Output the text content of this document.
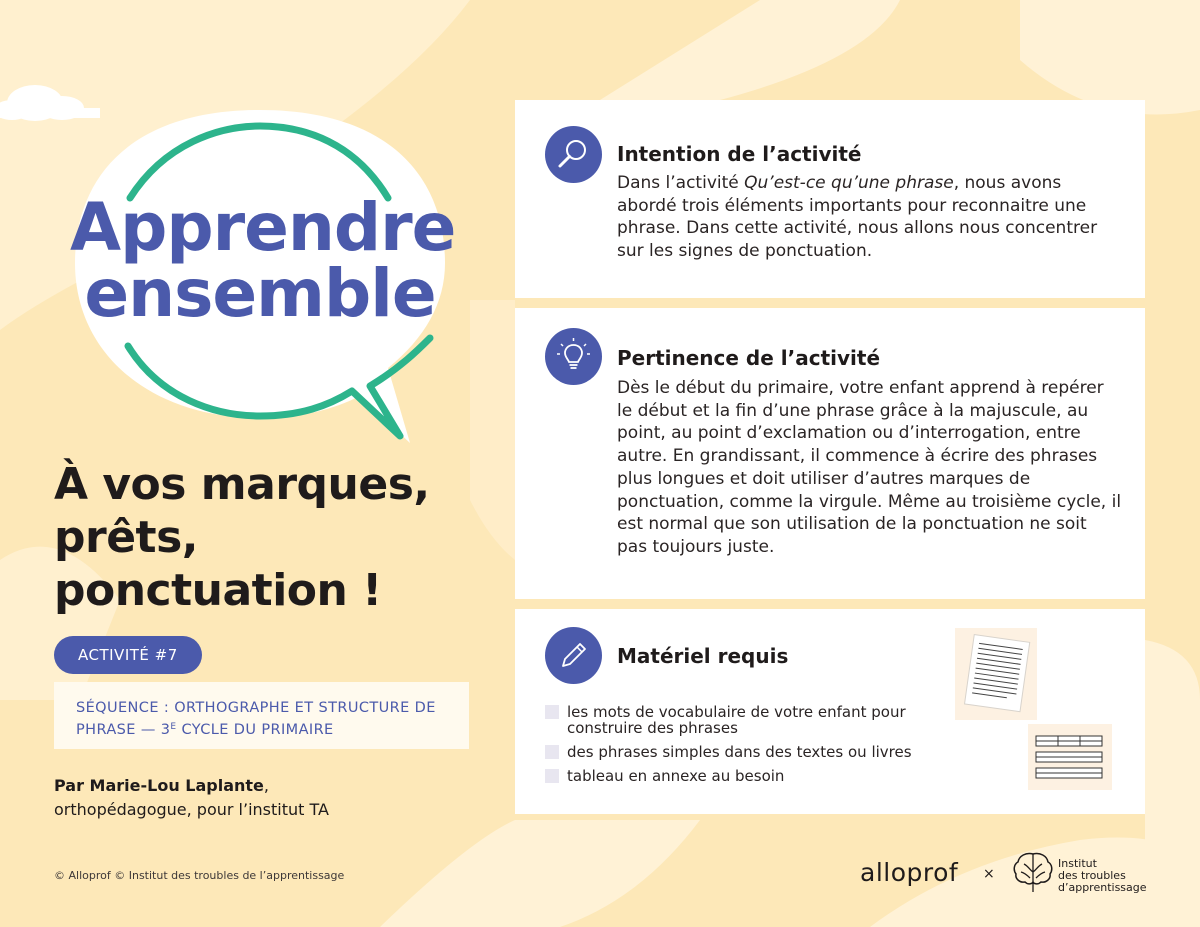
Apprendre
ensemble
À vos marques,
prêts,
ponctuation !
ACTIVITÉ #7
SÉQUENCE : ORTHOGRAPHE ET STRUCTURE DE
PHRASE — $3^E$ CYCLE DU PRIMAIRE
Par Marie-Lou Laplante,
orthopédagogue, pour l’institut TA
© Alloprof © Institut des troubles de l’apprentissage
Intention de l’activité

Dans l’activité Qu’est-ce qu’une phrase, nous avons abordé trois éléments importants pour reconnaitre une phrase. Dans cette activité, nous allons nous concentrer sur les signes de ponctuation.

Pertinence de l’activité

Dès le début du primaire, votre enfant apprend à repérer le début et la fin d’une phrase grâce à la majuscule, au point, au point d’exclamation ou d’interrogation, entre autre. En grandissant, il commence à écrire des phrases plus longues et doit utiliser d’autres marques de ponctuation, comme la virgule. Même au troisième cycle, il est normal que son utilisation de la ponctuation ne soit pas toujours juste.

Matériel requis
les mots de vocabulaire de votre enfant pour construire des phrases
des phrases simples dans des textes ou livres
tableau en annexe au besoin
alloprof ×
Institut
des troubles
d’apprentissage
